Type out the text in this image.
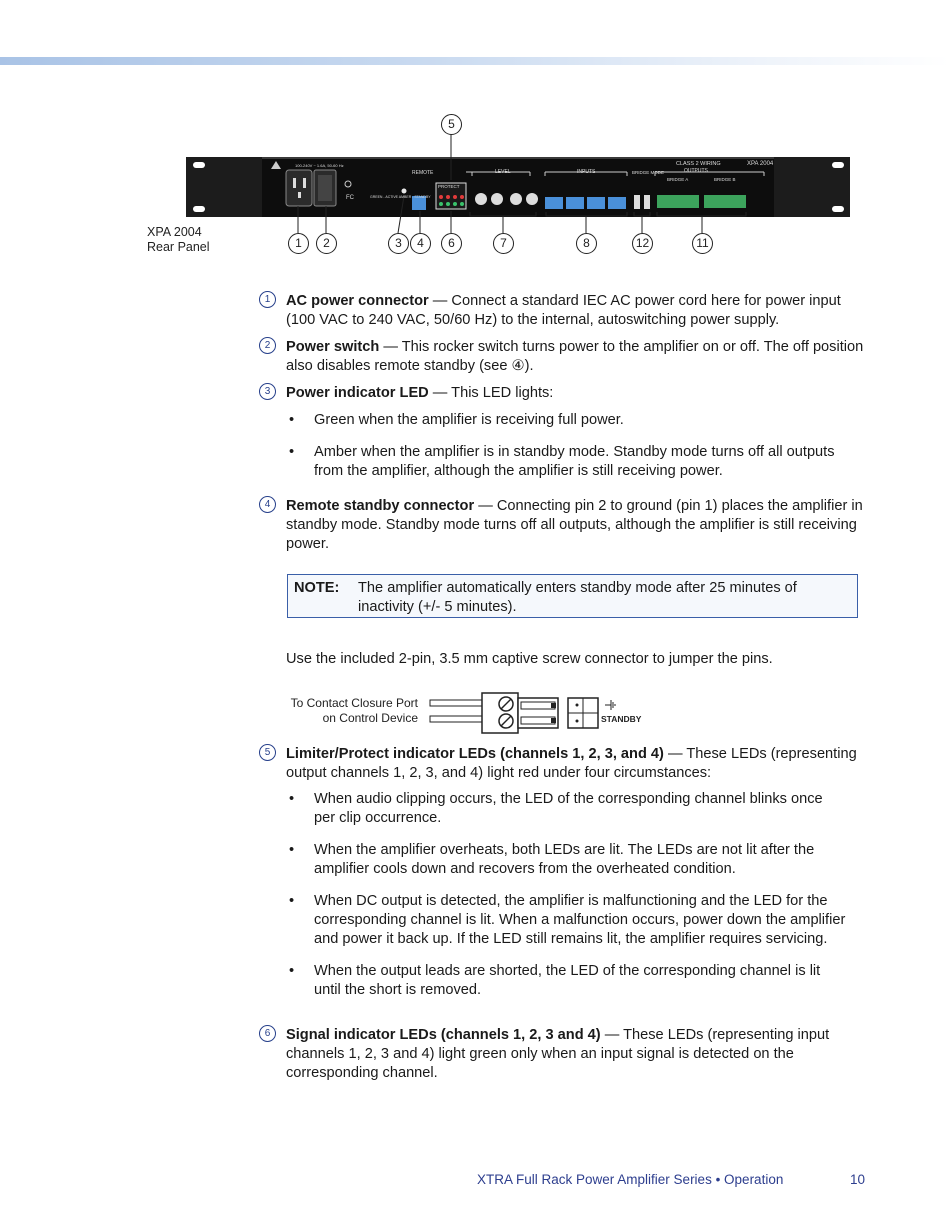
XPA 2004
CLASS 2 WIRING
OUTPUTS
LEVEL	INPUTS
REMOTE	BRIDGE MODE
BRIDGE A	BRIDGE B
100-240V ~ 1.6A, 50-60 Hz
PROTECT
FC	GREEN - ACTIVE AMBER - STANDBY
XPA 2004
Rear Panel
5
1	2	3	4	6	7	8	12	11
1	AC power connector — Connect a standard IEC AC power cord here for power input (100 VAC to 240 VAC, 50/60 Hz) to the internal, autoswitching power supply.
2	Power switch — This rocker switch turns power to the amplifier on or off. The off position also disables remote standby (see ④).
3	Power indicator LED — This LED lights:
• Green when the amplifier is receiving full power.
• Amber when the amplifier is in standby mode. Standby mode turns off all outputs from the amplifier, although the amplifier is still receiving power.
4	Remote standby connector — Connecting pin 2 to ground (pin 1) places the amplifier in standby mode. Standby mode turns off all outputs, although the amplifier is still receiving power.
NOTE: The amplifier automatically enters standby mode after 25 minutes of inactivity (+/- 5 minutes).
Use the included 2-pin, 3.5 mm captive screw connector to jumper the pins.
To Contact Closure Port
on Control Device	STANDBY
5	Limiter/Protect indicator LEDs (channels 1, 2, 3, and 4) — These LEDs (representing output channels 1, 2, 3, and 4) light red under four circumstances:
• When audio clipping occurs, the LED of the corresponding channel blinks once per clip occurrence.
• When the amplifier overheats, both LEDs are lit. The LEDs are not lit after the amplifier cools down and recovers from the overheated condition.
• When DC output is detected, the amplifier is malfunctioning and the LED for the corresponding channel is lit. When a malfunction occurs, power down the amplifier and power it back up. If the LED still remains lit, the amplifier requires servicing.
• When the output leads are shorted, the LED of the corresponding channel is lit until the short is removed.
6	Signal indicator LEDs (channels 1, 2, 3 and 4) — These LEDs (representing input channels 1, 2, 3 and 4) light green only when an input signal is detected on the corresponding channel.
XTRA Full Rack Power Amplifier Series • Operation	10
